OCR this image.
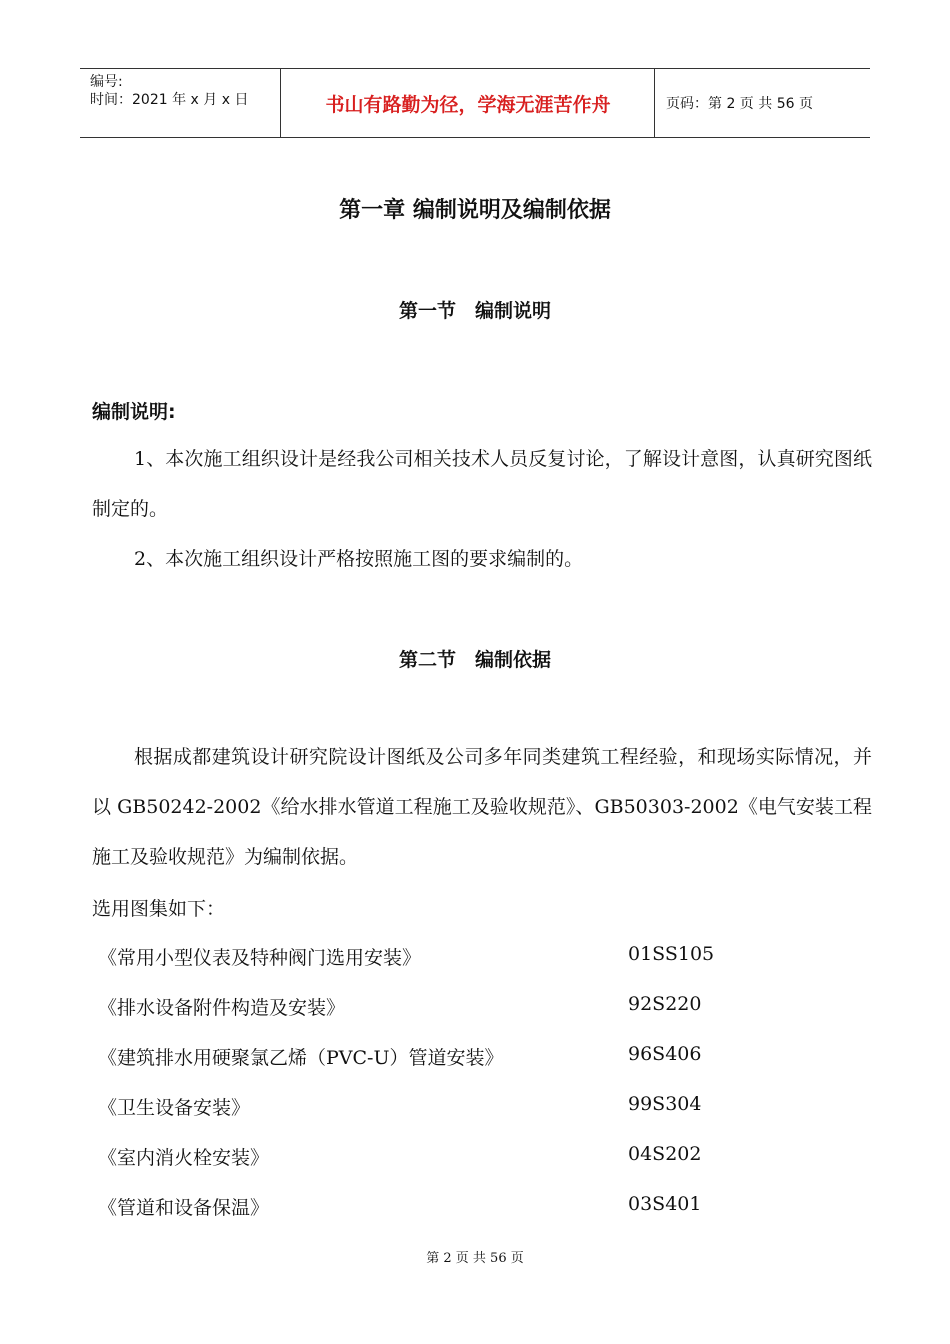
编号:
时间：2021 年 x 月 x 日	书山有路勤为径，学海无涯苦作舟	页码：第 2 页 共 56 页
第一章 编制说明及编制依据
第一节　编制说明
编制说明:

1、本次施工组织设计是经我公司相关技术人员反复讨论，了解设计意图，认真研究图纸制定的。

2、本次施工组织设计严格按照施工图的要求编制的。

第二节　编制依据

根据成都建筑设计研究院设计图纸及公司多年同类建筑工程经验，和现场实际情况，并以 GB50242-2002《给水排水管道工程施工及验收规范》、GB50303-2002《电气安装工程施工及验收规范》为编制依据。

选用图集如下：
《常用小型仪表及特种阀门选用安装》	01SS105
《排水设备附件构造及安装》	92S220
《建筑排水用硬聚氯乙烯（PVC-U）管道安装》	96S406
《卫生设备安装》	99S304
《室内消火栓安装》	04S202
《管道和设备保温》	03S401
第 2 页 共 56 页
